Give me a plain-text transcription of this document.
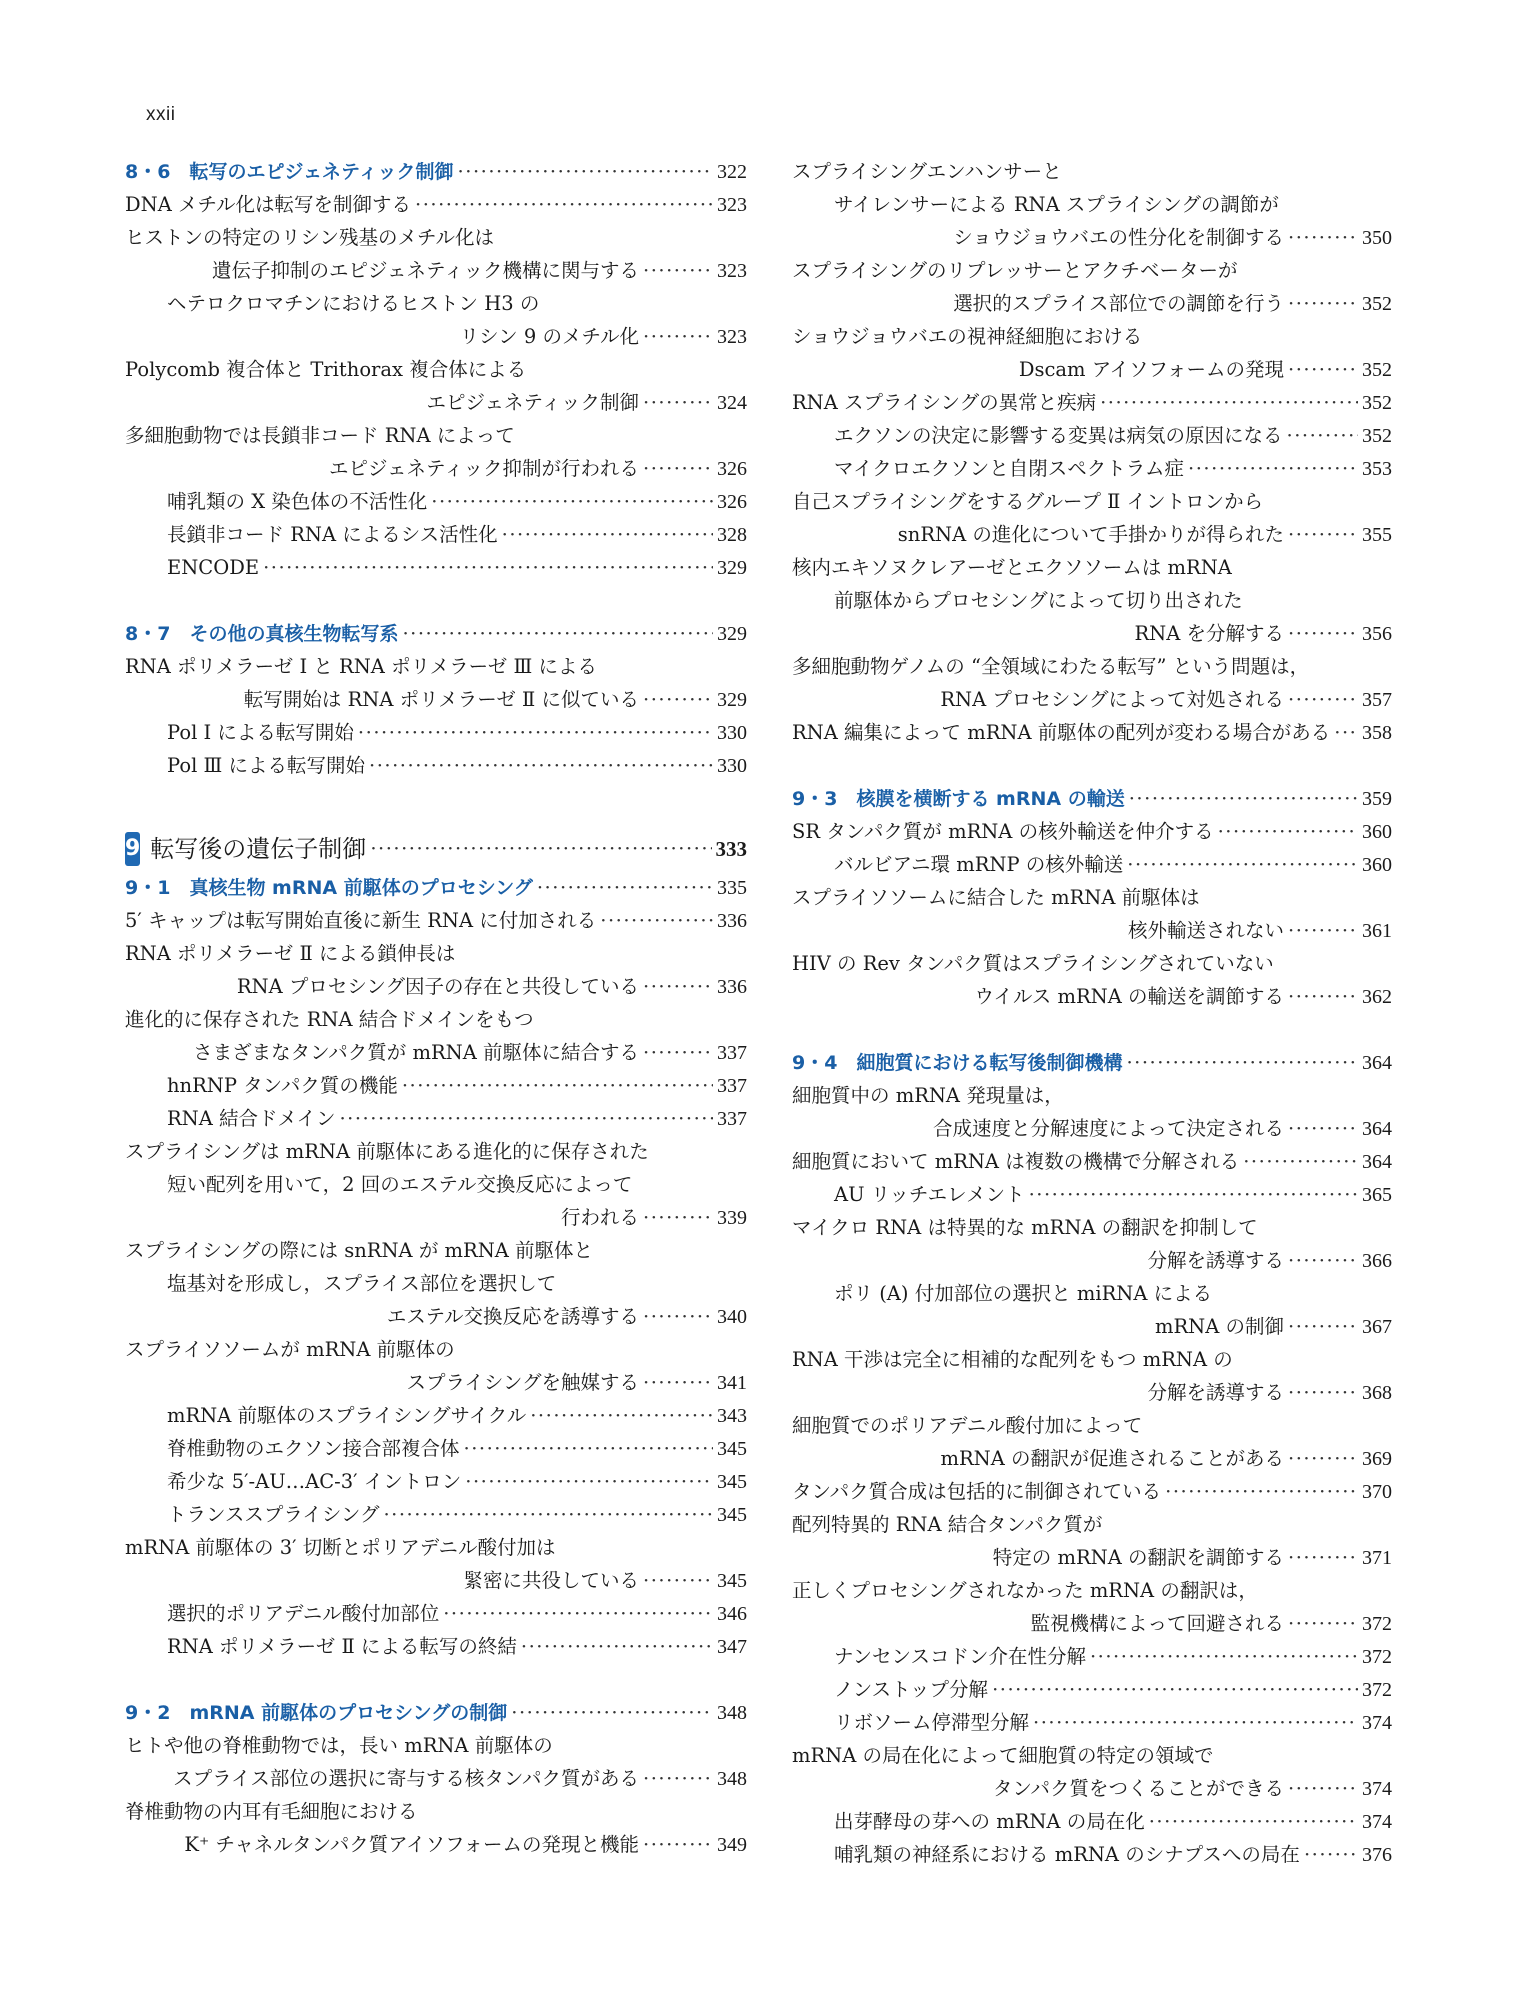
xxii
8・6　転写のエピジェネティック制御 ·····	322
DNA メチル化は転写を制御する ·····	323
ヒストンの特定のリシン残基のメチル化は
遺伝子抑制のエピジェネティック機構に関与する ·····	323
ヘテロクロマチンにおけるヒストン H3 の
リシン 9 のメチル化 ·····	323
Polycomb 複合体と Trithorax 複合体による
エピジェネティック制御 ·····	324
多細胞動物では長鎖非コード RNA によって
エピジェネティック抑制が行われる ·····	326
哺乳類の X 染色体の不活性化 ·····	326
長鎖非コード RNA によるシス活性化 ·····	328
ENCODE ·····	329
8・7　その他の真核生物転写系 ·····	329
RNA ポリメラーゼ I と RNA ポリメラーゼ Ⅲ による
転写開始は RNA ポリメラーゼ Ⅱ に似ている ·····	329
Pol I による転写開始 ·····	330
Pol Ⅲ による転写開始 ·····	330
9 転写後の遺伝子制御 ·····	333
9・1　真核生物 mRNA 前駆体のプロセシング ·····	335
5′ キャップは転写開始直後に新生 RNA に付加される ·····	336
RNA ポリメラーゼ Ⅱ による鎖伸長は
RNA プロセシング因子の存在と共役している ·····	336
進化的に保存された RNA 結合ドメインをもつ
さまざまなタンパク質が mRNA 前駆体に結合する ·····	337
hnRNP タンパク質の機能 ·····	337
RNA 結合ドメイン ·····	337
スプライシングは mRNA 前駆体にある進化的に保存された
短い配列を用いて，2 回のエステル交換反応によって
行われる ·····	339
スプライシングの際には snRNA が mRNA 前駆体と
塩基対を形成し，スプライス部位を選択して
エステル交換反応を誘導する ·····	340
スプライソソームが mRNA 前駆体の
スプライシングを触媒する ·····	341
mRNA 前駆体のスプライシングサイクル ·····	343
脊椎動物のエクソン接合部複合体 ·····	345
希少な 5′-AU…AC-3′ イントロン ·····	345
トランススプライシング ·····	345
mRNA 前駆体の 3′ 切断とポリアデニル酸付加は
緊密に共役している ·····	345
選択的ポリアデニル酸付加部位 ·····	346
RNA ポリメラーゼ Ⅱ による転写の終結 ·····	347
9・2　mRNA 前駆体のプロセシングの制御 ·····	348
ヒトや他の脊椎動物では，長い mRNA 前駆体の
スプライス部位の選択に寄与する核タンパク質がある ·····	348
脊椎動物の内耳有毛細胞における
K⁺ チャネルタンパク質アイソフォームの発現と機能 ·····	349
スプライシングエンハンサーと
サイレンサーによる RNA スプライシングの調節が
ショウジョウバエの性分化を制御する ·····	350
スプライシングのリプレッサーとアクチベーターが
選択的スプライス部位での調節を行う ·····	352
ショウジョウバエの視神経細胞における
Dscam アイソフォームの発現 ·····	352
RNA スプライシングの異常と疾病 ·····	352
エクソンの決定に影響する変異は病気の原因になる ·····	352
マイクロエクソンと自閉スペクトラム症 ·····	353
自己スプライシングをするグループ Ⅱ イントロンから
snRNA の進化について手掛かりが得られた ·····	355
核内エキソヌクレアーゼとエクソソームは mRNA
前駆体からプロセシングによって切り出された
RNA を分解する ·····	356
多細胞動物ゲノムの “全領域にわたる転写” という問題は，
RNA プロセシングによって対処される ·····	357
RNA 編集によって mRNA 前駆体の配列が変わる場合がある ····· 358
9・3　核膜を横断する mRNA の輸送 ·····	359
SR タンパク質が mRNA の核外輸送を仲介する ·····	360
バルビアニ環 mRNP の核外輸送 ·····	360
スプライソソームに結合した mRNA 前駆体は
核外輸送されない ·····	361
HIV の Rev タンパク質はスプライシングされていない
ウイルス mRNA の輸送を調節する ·····	362
9・4　細胞質における転写後制御機構 ·····	364
細胞質中の mRNA 発現量は，
合成速度と分解速度によって決定される ·····	364
細胞質において mRNA は複数の機構で分解される ·····	364
AU リッチエレメント ·····	365
マイクロ RNA は特異的な mRNA の翻訳を抑制して
分解を誘導する ·····	366
ポリ (A) 付加部位の選択と miRNA による
mRNA の制御 ·····	367
RNA 干渉は完全に相補的な配列をもつ mRNA の
分解を誘導する ·····	368
細胞質でのポリアデニル酸付加によって
mRNA の翻訳が促進されることがある ·····	369
タンパク質合成は包括的に制御されている ·····	370
配列特異的 RNA 結合タンパク質が
特定の mRNA の翻訳を調節する ·····	371
正しくプロセシングされなかった mRNA の翻訳は，
監視機構によって回避される ·····	372
ナンセンスコドン介在性分解 ·····	372
ノンストップ分解 ·····	372
リボソーム停滞型分解 ·····	374
mRNA の局在化によって細胞質の特定の領域で
タンパク質をつくることができる ·····	374
出芽酵母の芽への mRNA の局在化 ·····	374
哺乳類の神経系における mRNA のシナプスへの局在 ·····	376
